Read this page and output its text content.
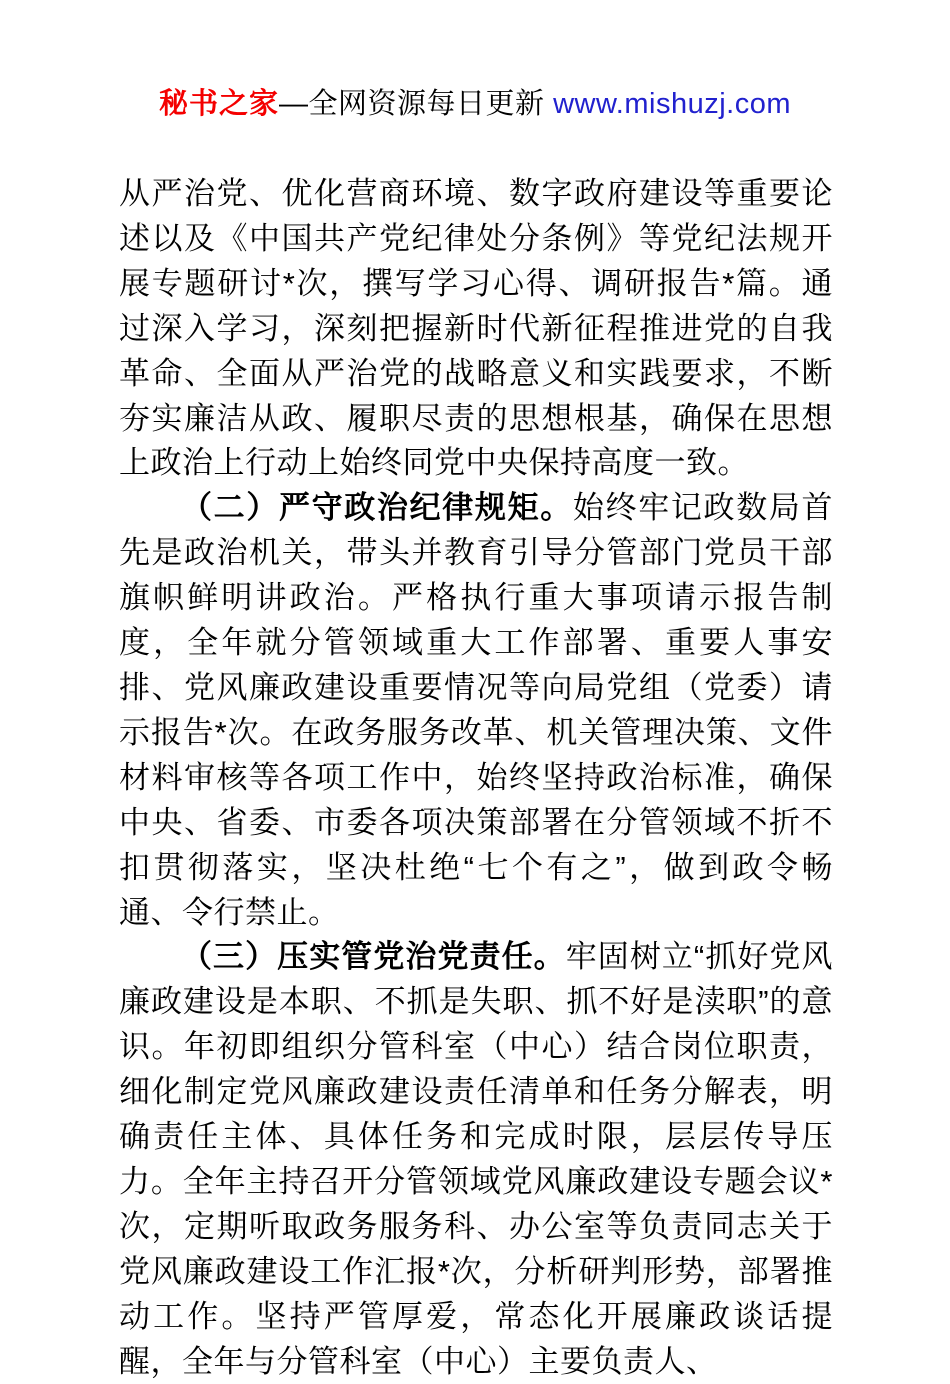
秘书之家—全网资源每日更新 www.mishuzj.com

从严治党、优化营商环境、数字政府建设等重要论述以及《中国共产党纪律处分条例》等党纪法规开展专题研讨*次，撰写学习心得、调研报告*篇。通过深入学习，深刻把握新时代新征程推进党的自我革命、全面从严治党的战略意义和实践要求，不断夯实廉洁从政、履职尽责的思想根基，确保在思想上政治上行动上始终同党中央保持高度一致。

（二）严守政治纪律规矩。始终牢记政数局首先是政治机关，带头并教育引导分管部门党员干部旗帜鲜明讲政治。严格执行重大事项请示报告制度，全年就分管领域重大工作部署、重要人事安排、党风廉政建设重要情况等向局党组（党委）请示报告*次。在政务服务改革、机关管理决策、文件材料审核等各项工作中，始终坚持政治标准，确保中央、省委、市委各项决策部署在分管领域不折不扣贯彻落实，坚决杜绝“七个有之”，做到政令畅通、令行禁止。

（三）压实管党治党责任。牢固树立“抓好党风廉政建设是本职、不抓是失职、抓不好是渎职”的意识。年初即组织分管科室（中心）结合岗位职责，细化制定党风廉政建设责任清单和任务分解表，明确责任主体、具体任务和完成时限，层层传导压力。全年主持召开分管领域党风廉政建设专题会议*次，定期听取政务服务科、办公室等负责同志关于党风廉政建设工作汇报*次，分析研判形势，部署推动工作。坚持严管厚爱，常态化开展廉政谈话提醒，全年与分管科室（中心）主要负责人、
